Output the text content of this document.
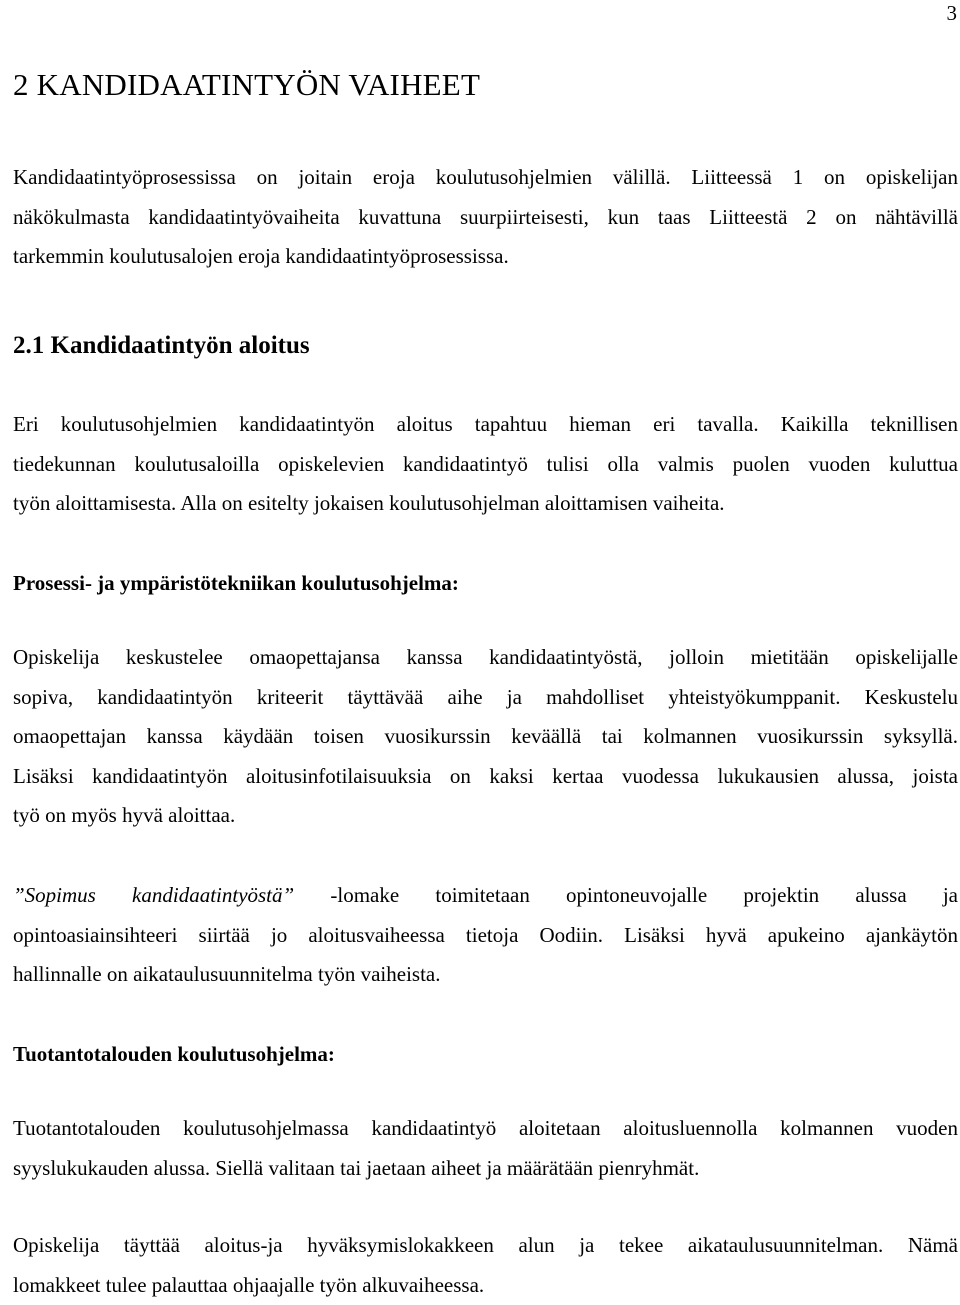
3
2 KANDIDAATINTYÖN VAIHEET
Kandidaatintyöprosessissa on joitain eroja koulutusohjelmien välillä. Liitteessä 1 on opiskelijan
näkökulmasta kandidaatintyövaiheita kuvattuna suurpiirteisesti, kun taas Liitteestä 2 on nähtävillä
tarkemmin koulutusalojen eroja kandidaatintyöprosessissa.
2.1 Kandidaatintyön aloitus
Eri koulutusohjelmien kandidaatintyön aloitus tapahtuu hieman eri tavalla. Kaikilla teknillisen
tiedekunnan koulutusaloilla opiskelevien kandidaatintyö tulisi olla valmis puolen vuoden kuluttua
työn aloittamisesta. Alla on esitelty jokaisen koulutusohjelman aloittamisen vaiheita.
Prosessi- ja ympäristötekniikan koulutusohjelma:
Opiskelija keskustelee omaopettajansa kanssa kandidaatintyöstä, jolloin mietitään opiskelijalle
sopiva, kandidaatintyön kriteerit täyttävää aihe ja mahdolliset yhteistyökumppanit. Keskustelu
omaopettajan kanssa käydään toisen vuosikurssin keväällä tai kolmannen vuosikurssin syksyllä.
Lisäksi kandidaatintyön aloitusinfotilaisuuksia on kaksi kertaa vuodessa lukukausien alussa, joista
työ on myös hyvä aloittaa.
”Sopimus kandidaatintyöstä” -lomake toimitetaan opintoneuvojalle projektin alussa ja
opintoasiainsihteeri siirtää jo aloitusvaiheessa tietoja Oodiin. Lisäksi hyvä apukeino ajankäytön
hallinnalle on aikataulusuunnitelma työn vaiheista.
Tuotantotalouden koulutusohjelma:
Tuotantotalouden koulutusohjelmassa kandidaatintyö aloitetaan aloitusluennolla kolmannen vuoden
syyslukukauden alussa. Siellä valitaan tai jaetaan aiheet ja määrätään pienryhmät.
Opiskelija täyttää aloitus-ja hyväksymislokakkeen alun ja tekee aikataulusuunnitelman. Nämä
lomakkeet tulee palauttaa ohjaajalle työn alkuvaiheessa.
